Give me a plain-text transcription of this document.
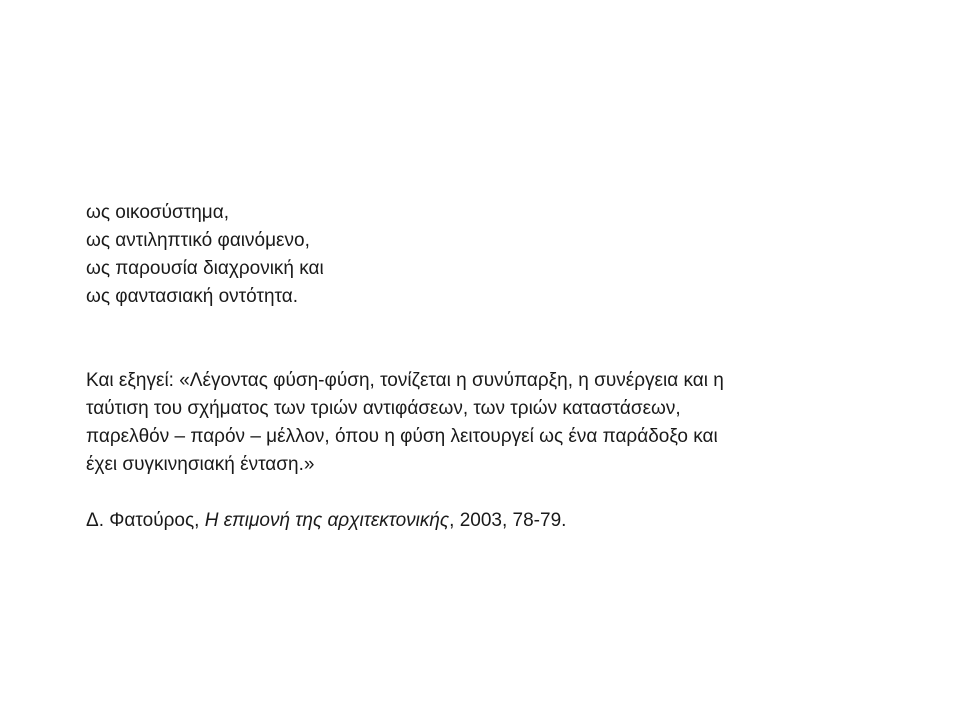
ως οικοσύστημα,
ως αντιληπτικό φαινόμενο,
ως παρουσία διαχρονική και
ως φαντασιακή οντότητα.
Και εξηγεί: «Λέγοντας φύση-φύση, τονίζεται η συνύπαρξη, η συνέργεια και η
ταύτιση του σχήματος των τριών αντιφάσεων, των τριών καταστάσεων,
παρελθόν – παρόν – μέλλον, όπου η φύση λειτουργεί ως ένα παράδοξο και
έχει συγκινησιακή ένταση.»
Δ. Φατούρος, Η επιμονή της αρχιτεκτονικής, 2003, 78-79.
